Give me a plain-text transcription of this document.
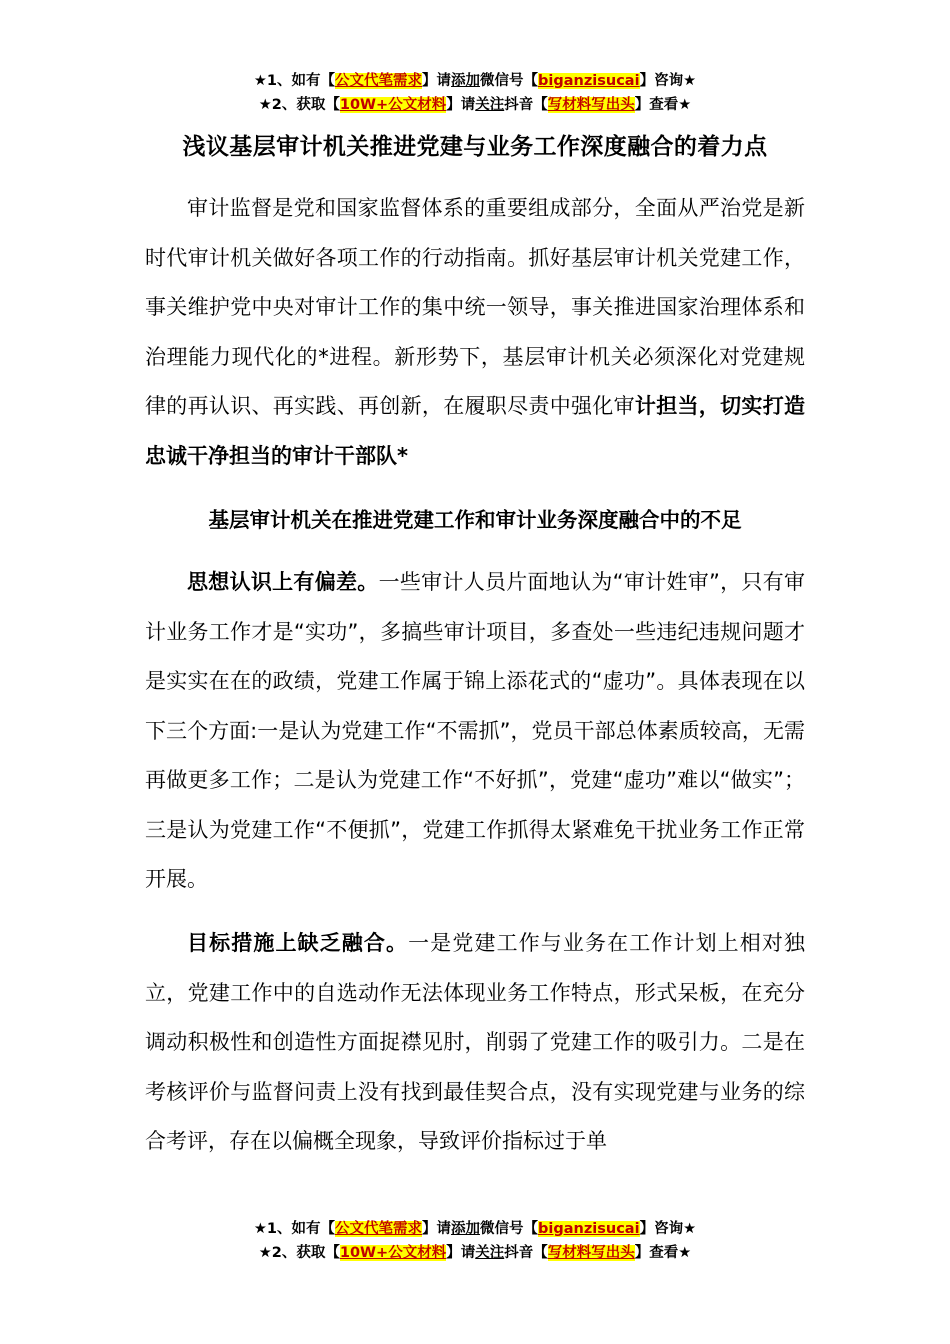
★1、如有【公文代笔需求】请添加微信号【biganzisucai】咨询★
★2、获取【10W+公文材料】请关注抖音【写材料写出头】查看★
浅议基层审计机关推进党建与业务工作深度融合的着力点

审计监督是党和国家监督体系的重要组成部分，全面从严治党是新时代审计机关做好各项工作的行动指南。抓好基层审计机关党建工作，事关维护党中央对审计工作的集中统一领导，事关推进国家治理体系和治理能力现代化的*进程。新形势下，基层审计机关必须深化对党建规律的再认识、再实践、再创新，在履职尽责中强化审计担当，切实打造忠诚干净担当的审计干部队*

基层审计机关在推进党建工作和审计业务深度融合中的不足

思想认识上有偏差。一些审计人员片面地认为“审计姓审”，只有审计业务工作才是“实功”，多搞些审计项目，多查处一些违纪违规问题才是实实在在的政绩，党建工作属于锦上添花式的“虚功”。具体表现在以下三个方面:一是认为党建工作“不需抓”，党员干部总体素质较高，无需再做更多工作；二是认为党建工作“不好抓”，党建“虚功”难以“做实”；三是认为党建工作“不便抓”，党建工作抓得太紧难免干扰业务工作正常开展。

目标措施上缺乏融合。一是党建工作与业务在工作计划上相对独立，党建工作中的自选动作无法体现业务工作特点，形式呆板，在充分调动积极性和创造性方面捉襟见肘，削弱了党建工作的吸引力。二是在考核评价与监督问责上没有找到最佳契合点，没有实现党建与业务的综合考评，存在以偏概全现象，导致评价指标过于单

★1、如有【公文代笔需求】请添加微信号【biganzisucai】咨询★
★2、获取【10W+公文材料】请关注抖音【写材料写出头】查看★
